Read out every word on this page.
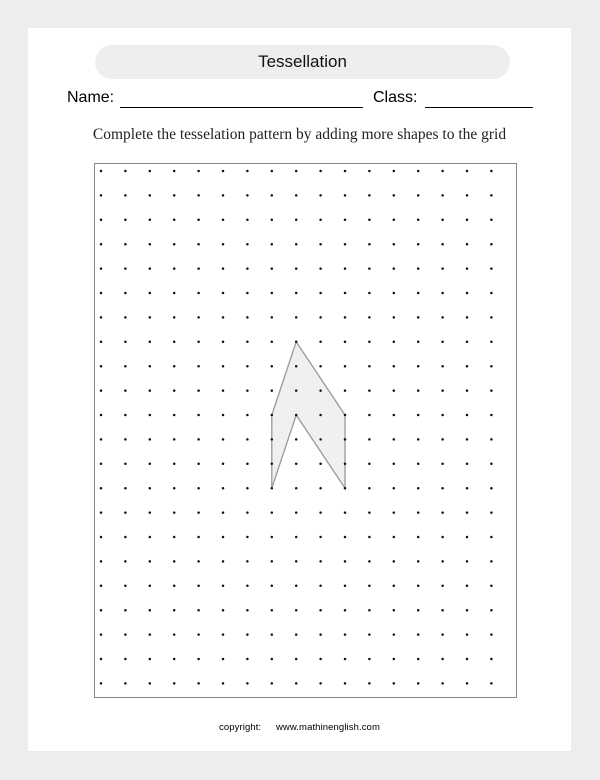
Tessellation
Name:	Class:
Complete the tesselation pattern by adding more shapes to the grid
copyright: www.mathinenglish.com
